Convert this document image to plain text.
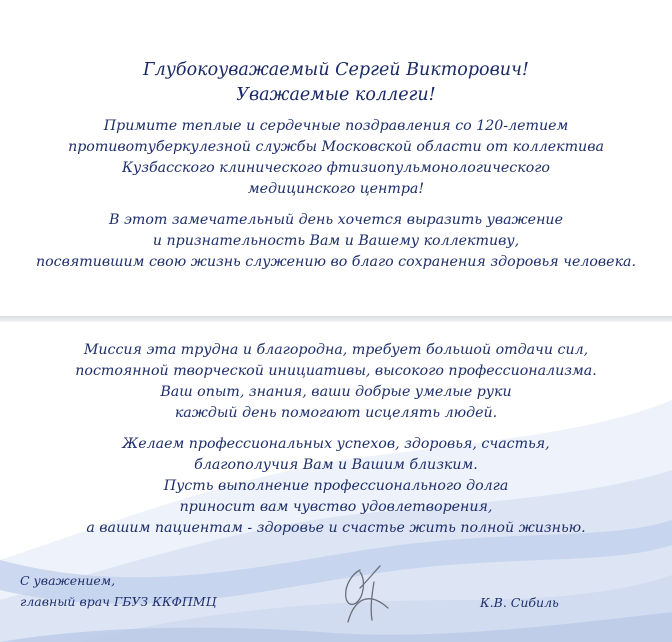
Глубокоуважаемый Сергей Викторович!
Уважаемые коллеги!
Примите теплые и сердечные поздравления со 120-летием
противотуберкулезной службы Московской области от коллектива
Кузбасского клинического фтизиопульмонологического
медицинского центра!
В этот замечательный день хочется выразить уважение
и признательность Вам и Вашему коллективу,
посвятившим свою жизнь служению во благо сохранения здоровья человека.
Миссия эта трудна и благородна, требует большой отдачи сил,
постоянной творческой инициативы, высокого профессионализма.
Ваш опыт, знания, ваши добрые умелые руки
каждый день помогают исцелять людей.
Желаем профессиональных успехов, здоровья, счастья,
благополучия Вам и Вашим близким.
Пусть выполнение профессионального долга
приносит вам чувство удовлетворения,
а вашим пациентам - здоровье и счастье жить полной жизнью.
С уважением,
главный врач ГБУЗ ККФПМЦ	К.В. Сибиль
